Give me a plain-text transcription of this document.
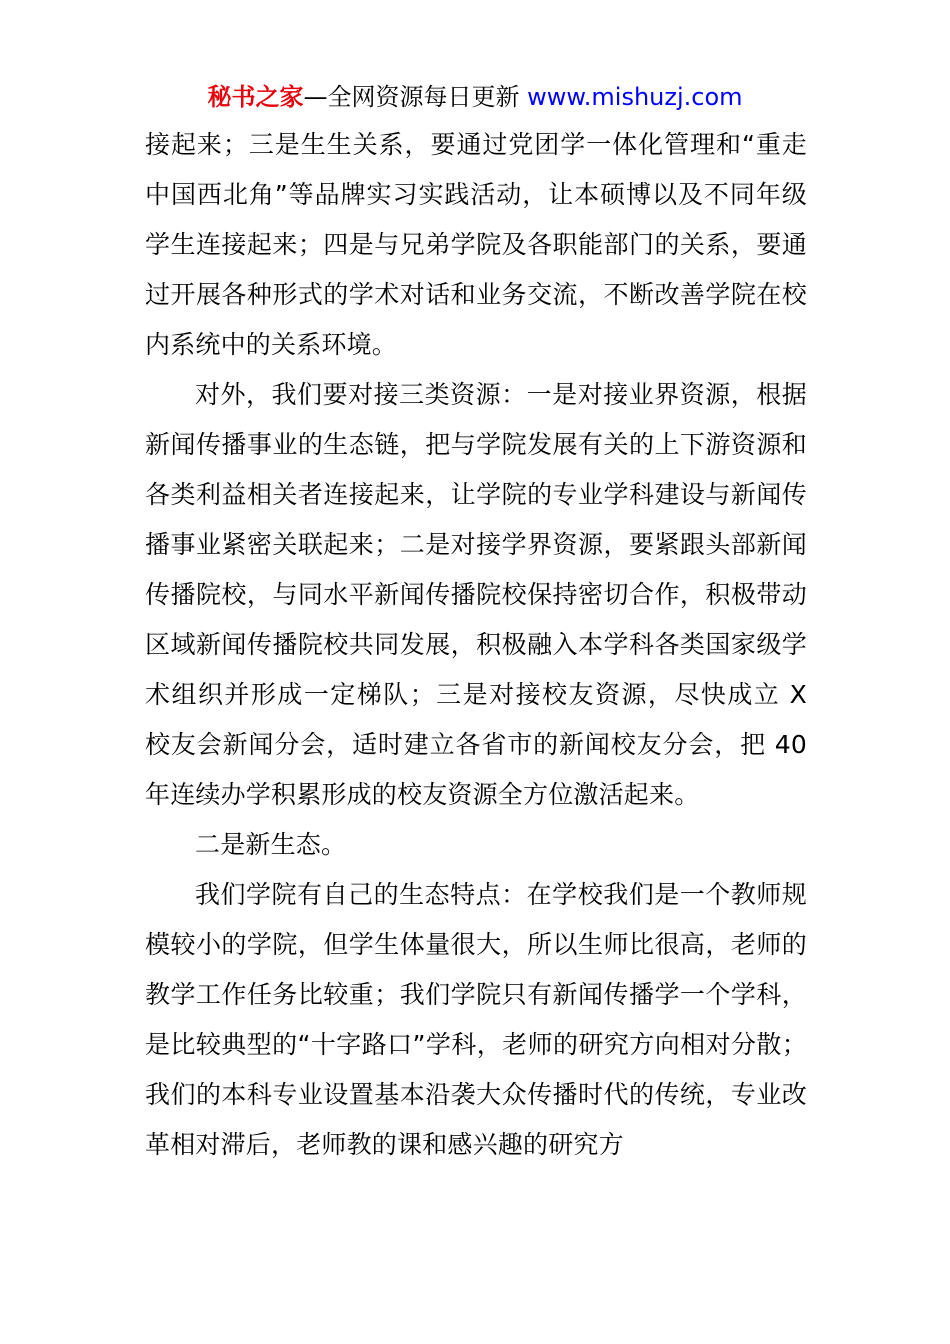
秘书之家—全网资源每日更新 www.mishuzj.com

接起来；三是生生关系，要通过党团学一体化管理和“重走中国西北角”等品牌实习实践活动，让本硕博以及不同年级学生连接起来；四是与兄弟学院及各职能部门的关系，要通过开展各种形式的学术对话和业务交流，不断改善学院在校内系统中的关系环境。

对外，我们要对接三类资源：一是对接业界资源，根据新闻传播事业的生态链，把与学院发展有关的上下游资源和各类利益相关者连接起来，让学院的专业学科建设与新闻传播事业紧密关联起来；二是对接学界资源，要紧跟头部新闻传播院校，与同水平新闻传播院校保持密切合作，积极带动区域新闻传播院校共同发展，积极融入本学科各类国家级学术组织并形成一定梯队；三是对接校友资源，尽快成立 X 校友会新闻分会，适时建立各省市的新闻校友分会，把 40 年连续办学积累形成的校友资源全方位激活起来。

二是新生态。

我们学院有自己的生态特点：在学校我们是一个教师规模较小的学院，但学生体量很大，所以生师比很高，老师的教学工作任务比较重；我们学院只有新闻传播学一个学科，是比较典型的“十字路口”学科，老师的研究方向相对分散；我们的本科专业设置基本沿袭大众传播时代的传统，专业改革相对滞后，老师教的课和感兴趣的研究方
